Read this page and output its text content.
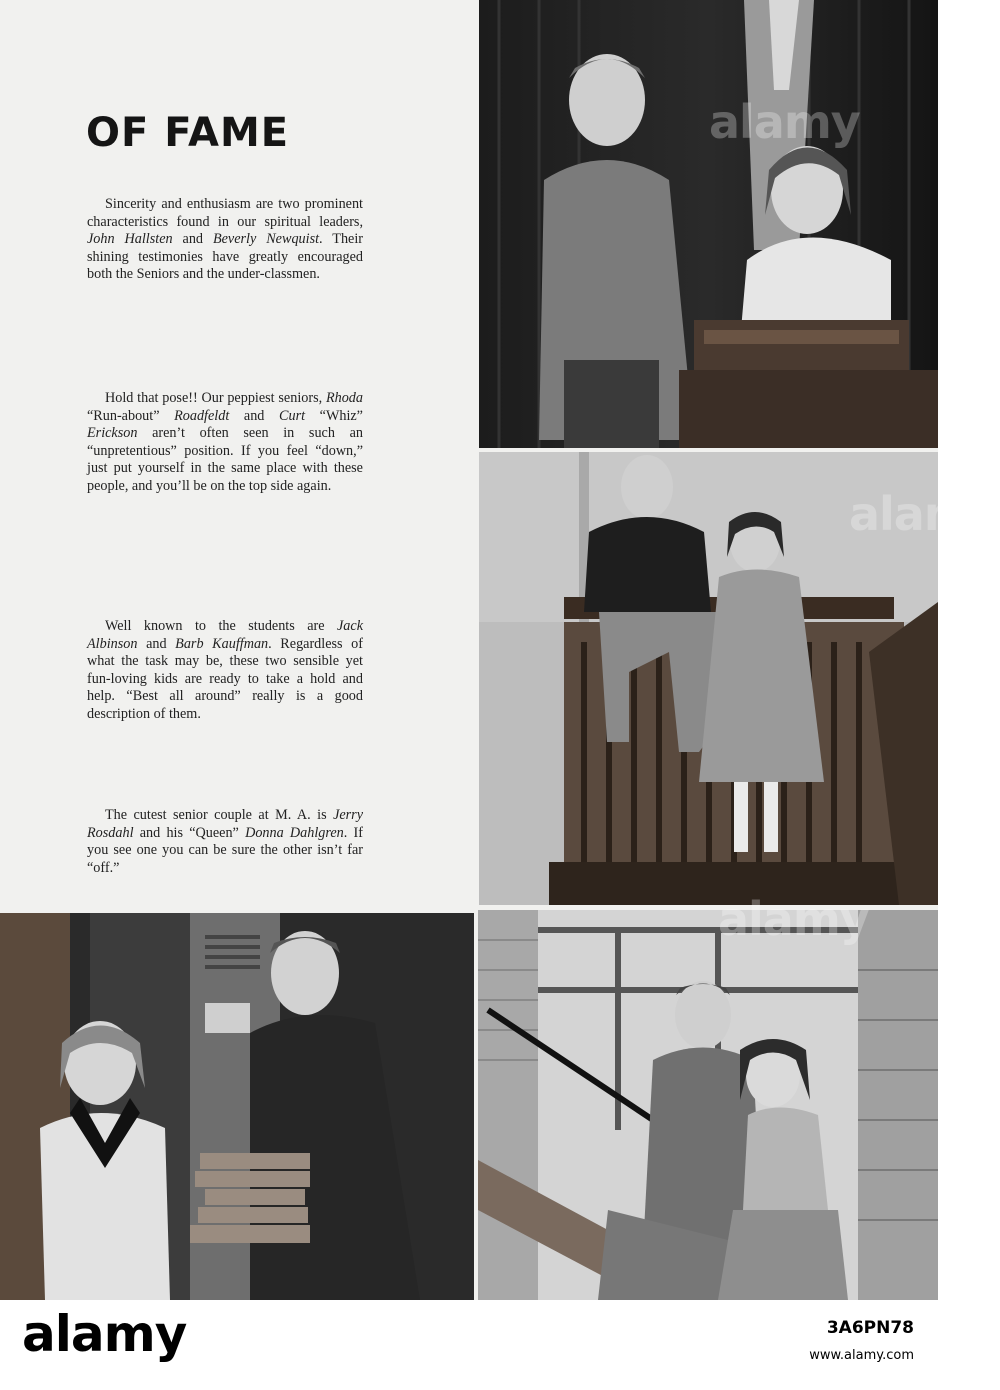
OF FAME

Sincerity and enthusiasm are two prominent characteristics found in our spiritual leaders, John Hallsten and Beverly Newquist. Their shining testimonies have greatly encouraged both the Seniors and the under-classmen.

Hold that pose!! Our peppiest seniors, Rhoda “Run-about” Roadfeldt and Curt “Whiz” Erickson aren’t often seen in such an “unpretentious” position. If you feel “down,” just put yourself in the same place with these people, and you’ll be on the top side again.

Well known to the students are Jack Albinson and Barb Kauffman. Regardless of what the task may be, these two sensible yet fun-loving kids are ready to take a hold and help. “Best all around” really is a good description of them.

The cutest senior couple at M. A. is Jerry Rosdahl and his “Queen” Donna Dahlgren. If you see one you can be sure the other isn’t far “off.”

alamy
alamy
alamy
alamy	3A6PN78
www.alamy.com
